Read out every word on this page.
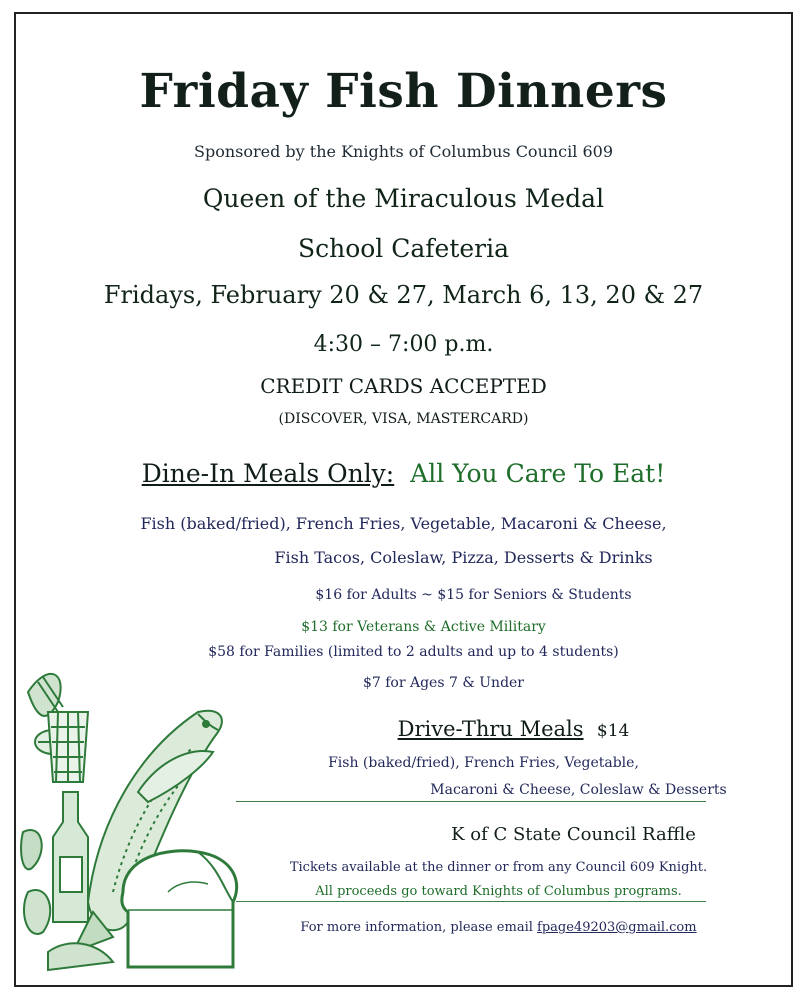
Friday Fish Dinners
Sponsored by the Knights of Columbus Council 609
Queen of the Miraculous Medal
School Cafeteria
Fridays, February 20 & 27, March 6, 13, 20 & 27
4:30 – 7:00 p.m.
CREDIT CARDS ACCEPTED
(DISCOVER, VISA, MASTERCARD)
Dine-In Meals Only: All You Care To Eat!
Fish (baked/fried), French Fries, Vegetable, Macaroni & Cheese,
Fish Tacos, Coleslaw, Pizza, Desserts & Drinks
$16 for Adults ~ $15 for Seniors & Students
$13 for Veterans & Active Military
$58 for Families (limited to 2 adults and up to 4 students)
$7 for Ages 7 & Under
Drive-Thru Meals $14
Fish (baked/fried), French Fries, Vegetable,
Macaroni & Cheese, Coleslaw & Desserts
K of C State Council Raffle
Tickets available at the dinner or from any Council 609 Knight.
All proceeds go toward Knights of Columbus programs.
For more information, please email fpage49203@gmail.com
